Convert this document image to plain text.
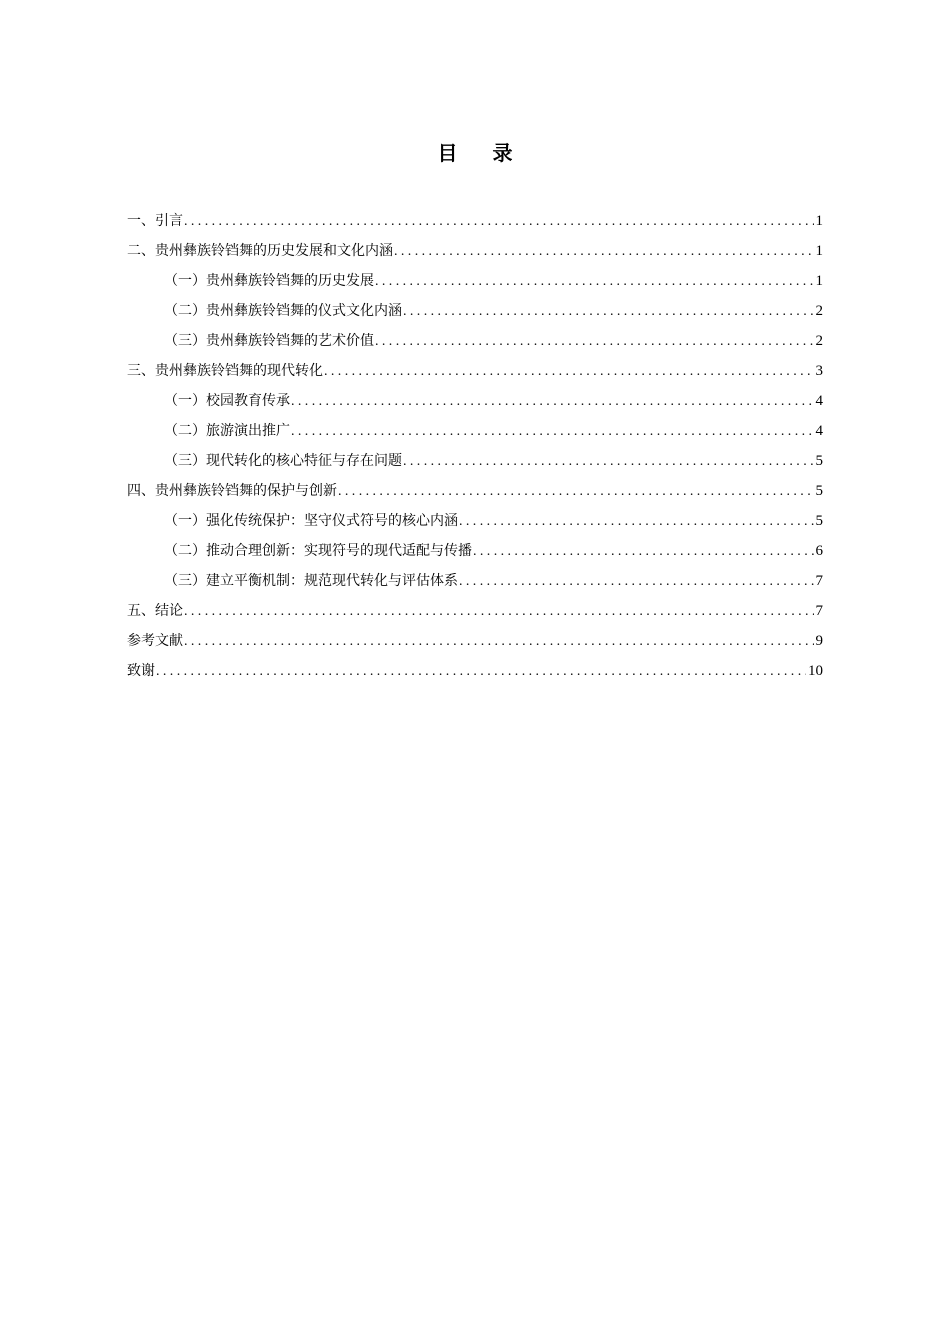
目 录
一、引言 .....	1
二、贵州彝族铃铛舞的历史发展和文化内涵 .....	1
（一）贵州彝族铃铛舞的历史发展 .....	1
（二）贵州彝族铃铛舞的仪式文化内涵 .....	2
（三）贵州彝族铃铛舞的艺术价值 .....	2
三、贵州彝族铃铛舞的现代转化 .....	3
（一）校园教育传承 .....	4
（二）旅游演出推广 .....	4
（三）现代转化的核心特征与存在问题 .....	5
四、贵州彝族铃铛舞的保护与创新 .....	5
（一）强化传统保护：坚守仪式符号的核心内涵 .....	5
（二）推动合理创新：实现符号的现代适配与传播 .....	6
（三）建立平衡机制：规范现代转化与评估体系 .....	7
五、结论 .....	7
参考文献 .....	9
致谢 .....	10
